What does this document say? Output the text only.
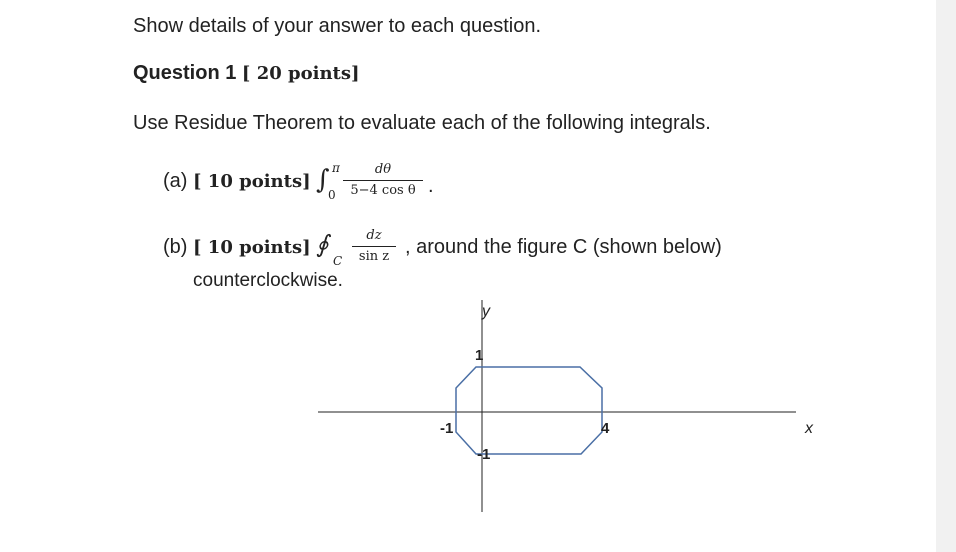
Show details of your answer to each question.
Question 1 [ 20 points]
Use Residue Theorem to evaluate each of the following integrals.
(a) [ 10 points] ∫ π
0
dθ
5−4 cos θ .
(b) [ 10 points] ∮
C
dz
sin z , around the figure C (shown below)
counterclockwise.
y
x
1
-1	4
-1
